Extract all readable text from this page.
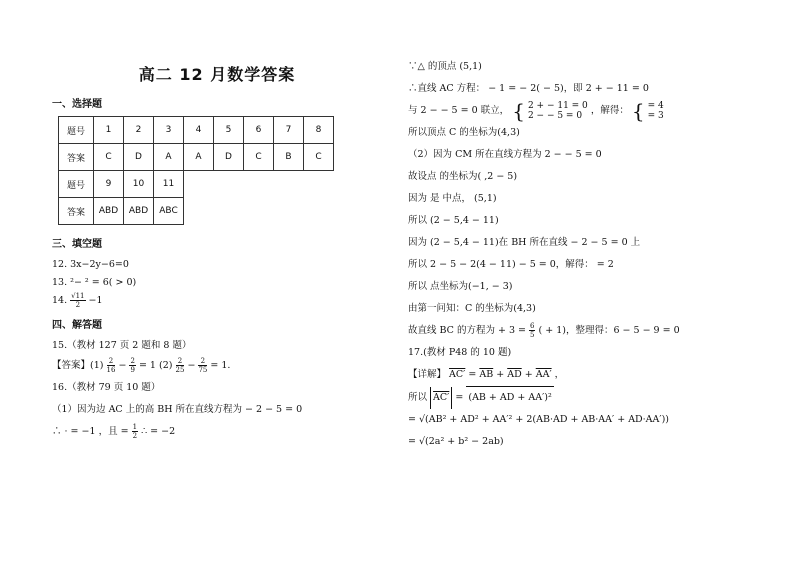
高二 12 月数学答案
一、选择题
题号	1	2	3	4	5	6	7	8
答案	C	D	A	A	D	C	B	C
题号	9	10	11					
答案	ABD	ABD	ABC					
三、填空题
12. 3x−2y−6=0
13. ²− ² = 6( > 0)
14. $\frac{√11}{2} -1$
四、解答题
15.（教材 127 页 2 题和 8 题）
【答案】$(1) \frac{2}{16} - \frac{2}{9} = 1$ $(2) \frac{2}{25} - \frac{2}{75} = 1$.
16.（教材 79 页 10 题）
（1）因为边 AC 上的高 BH 所在直线方程为 − 2 − 5 = 0
∴ · = −1 ，且 = $\frac{1}{2}$ ∴ = −2
∵△ 的顶点 (5,1)
∴直线 AC 方程： − 1 = − 2( − 5)，即 2 + − 11 = 0
与 2 − − 5 = 0 联立， { 2 + − 11 = 0
2 − − 5 = 0 ，解得： { = 4
= 3
所以顶点 C 的坐标为(4,3)
（2）因为 CM 所在直线方程为 2 − − 5 = 0
故设点 的坐标为( ,2 − 5)
因为 是 中点， (5,1)
所以 (2 − 5,4 − 11)
因为 (2 − 5,4 − 11)在 BH 所在直线 − 2 − 5 = 0 上
所以 2 − 5 − 2(4 − 11) − 5 = 0，解得： = 2
所以 点坐标为(−1, − 3)
由第一问知：C 的坐标为(4,3)
故直线 BC 的方程为 + $3 = \frac{6}{5}$ ( + 1)，整理得：6 − 5 − 9 = 0
17.(教材 P48 的 10 题)
【详解】 $AC' = \overline{AB} + \overline{AD} + AA'$ ，
所以 AC′ = (AB + AD + AA′)²
= √(AB² + AD² + AA′² + 2(AB·AD + AB·AA′ + AD·AA′))
= √(2a² + b² − 2ab)
